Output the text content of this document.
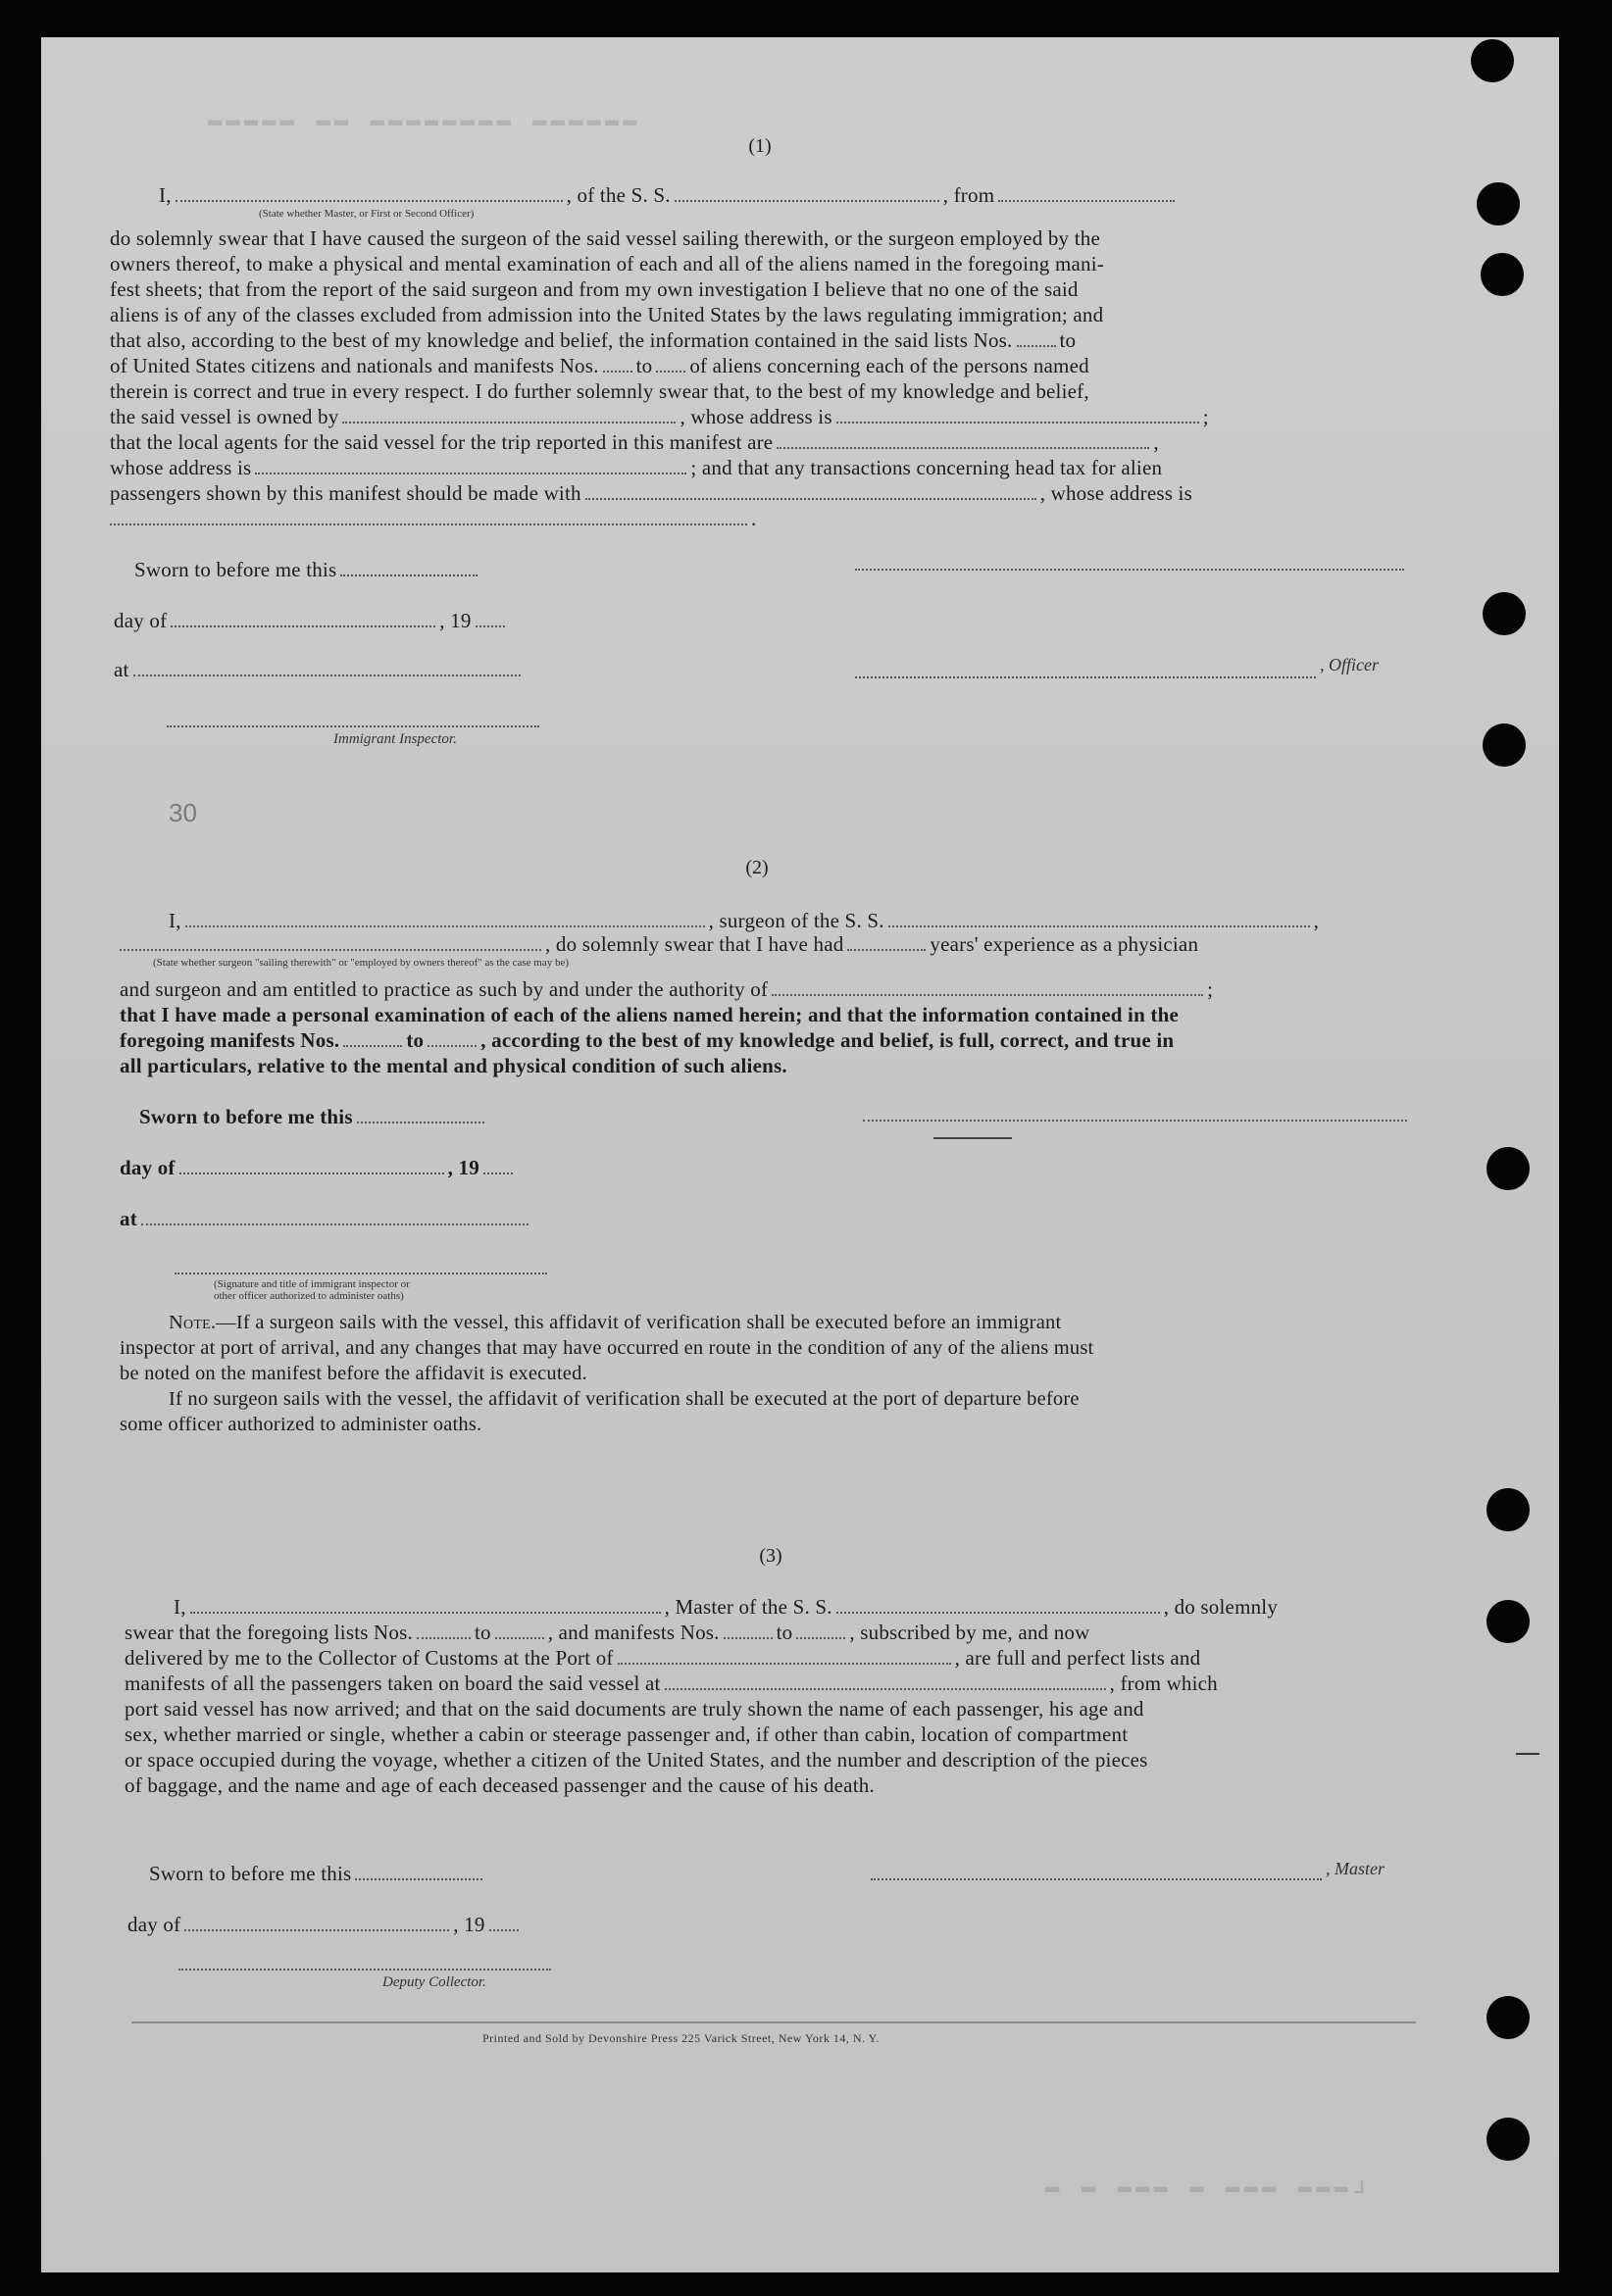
▬▬▬▬▬ ▬▬ ▬▬▬▬▬▬▬▬ ▬▬▬▬▬▬
ʟ▬▬▬ ▬▬▬ ▬ ▬▬▬ ▬ ▬
(1)
I,	, of the S. S.	, from
(State whether Master, or First or Second Officer)
do solemnly swear that I have caused the surgeon of the said vessel sailing therewith, or the surgeon employed by the
owners thereof, to make a physical and mental examination of each and all of the aliens named in the foregoing mani-
fest sheets; that from the report of the said surgeon and from my own investigation I believe that no one of the said
aliens is of any of the classes excluded from admission into the United States by the laws regulating immigration; and
that also, according to the best of my knowledge and belief, the information contained in the said lists Nos. to
of United States citizens and nationals and manifests Nos. to of aliens concerning each of the persons named
therein is correct and true in every respect. I do further solemnly swear that, to the best of my knowledge and belief,
the said vessel is owned by	, whose address is	;
that the local agents for the said vessel for the trip reported in this manifest are	,
whose address is	; and that any transactions concerning head tax for alien
passengers shown by this manifest should be made with	, whose address is
.
Sworn to before me this
day of	, 19
at	, Officer
Immigrant Inspector.
30
(2)
I,	, surgeon of the S. S.	,
, do solemnly swear that I have had	years' experience as a physician
(State whether surgeon "sailing therewith" or "employed by owners thereof" as the case may be)
and surgeon and am entitled to practice as such by and under the authority of	;
that I have made a personal examination of each of the aliens named herein; and that the information contained in the
foregoing manifests Nos.	to	, according to the best of my knowledge and belief, is full, correct, and true in
all particulars, relative to the mental and physical condition of such aliens.
Sworn to before me this
day of	, 19
at
(Signature and title of immigrant inspector or
other officer authorized to administer oaths)
Note.—If a surgeon sails with the vessel, this affidavit of verification shall be executed before an immigrant
inspector at port of arrival, and any changes that may have occurred en route in the condition of any of the aliens must
be noted on the manifest before the affidavit is executed.
If no surgeon sails with the vessel, the affidavit of verification shall be executed at the port of departure before
some officer authorized to administer oaths.
(3)
I,	, Master of the S. S.	, do solemnly
swear that the foregoing lists Nos.	to	, and manifests Nos.	to	, subscribed by me, and now
delivered by me to the Collector of Customs at the Port of	, are full and perfect lists and
manifests of all the passengers taken on board the said vessel at	, from which
port said vessel has now arrived; and that on the said documents are truly shown the name of each passenger, his age and
sex, whether married or single, whether a cabin or steerage passenger and, if other than cabin, location of compartment
or space occupied during the voyage, whether a citizen of the United States, and the number and description of the pieces
of baggage, and the name and age of each deceased passenger and the cause of his death.
Sworn to before me this	, Master
day of	, 19
Deputy Collector.
Printed and Sold by Devonshire Press 225 Varick Street, New York 14, N. Y.
